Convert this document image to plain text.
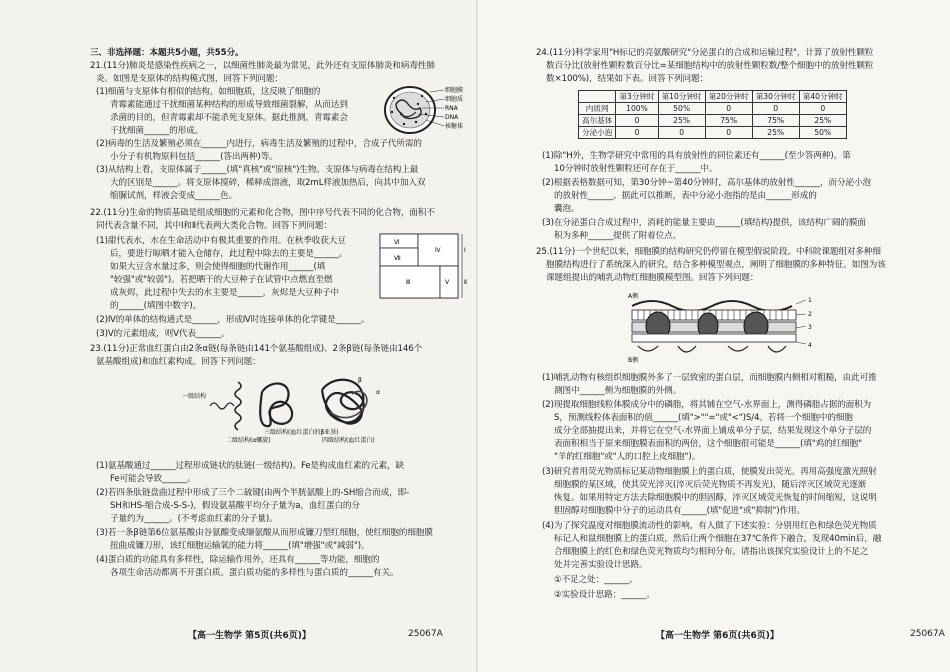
三、非选择题：本题共5小题，共55分。
21.(11分)肺炎是感染性疾病之一，以细菌性肺炎最为常见，此外还有支原体肺炎和病毒性肺
炎。如图是支原体的结构模式图，回答下列问题：
(1)细菌与支原体有相似的结构，如细胞质，这反映了细胞的
青霉素能通过干扰细菌某种结构的形成导致细菌裂解，从而达到
杀菌的目的，但青霉素却不能杀死支原体。据此推测，青霉素会
干扰细菌______的形成。
(2)病毒的生活及繁殖必须在______内进行，病毒生活及繁殖的过程中，合成子代所需的
小分子有机物原料包括______(答出两种)等。
(3)从结构上看，支原体属于______(填"真核"或"原核")生物。支原体与病毒在结构上最
大的区别是______。将支原体搅碎，稀释成溶液，取2mL样液加热后，向其中加入双
缩脲试剂，样液会变成______色。
细胞膜
细胞质
RNA
DNA
核糖体
22.(11分)生命的物质基础是组成细胞的元素和化合物，图中序号代表不同的化合物，面积不
同代表含量不同，其中Ⅰ和Ⅱ代表两大类化合物。回答下列问题：
(1)甜代表水，水在生命活动中有极其重要的作用。在秋季收获大豆
后，要进行晾晒才能入仓储存，此过程中除去的主要是______。
如果大豆含水量过多，则会使得细胞的代谢作用______(填
"较强"或"较弱")。若把晒干的大豆种子在试管中点燃直至燃
成灰烬，此过程中失去的水主要是______，灰烬是大豆种子中
的______(填图中数字)。
(2)Ⅳ的单体的结构通式是______，形成Ⅳ时连接单体的化学键是______。
(3)Ⅴ的元素组成，则Ⅴ代表______。
Ⅵ
Ⅳ
Ⅶ
Ⅲ	Ⅴ
Ⅰ
Ⅱ
23.(11分)正常血红蛋白由2条α链(每条链由141个氨基酸组成)、2条β链(每条链由146个
氨基酸组成)和血红素构成。回答下列问题：
(1)氨基酸通过______过程形成链状的肽链(一级结构)。Fe是构成血红素的元素，缺
Fe可能会导致______。
(2)若四条肽链盘曲过程中形成了三个二硫键(由两个半胱氨酸上的-SH缩合而成，即-
SH和HS-缩合成-S-S-)，假设氨基酸平均分子量为a，血红蛋白的分
子量约为______。(不考虑血红素的分子量)。
(3)若一条β链第6位氨基酸由谷氨酸变成缬氨酸从而形成镰刀型红细胞，使红细胞的细胞膜
扭曲成镰刀形，该红细胞运输氧的能力将______(填"增强"或"减弱")。
(4)蛋白质的功能具有多样性，除运输作用外，还具有______等功能，细胞的
各项生命活动都离不开蛋白质。蛋白质功能的多样性与蛋白质的______有关。
一级结构
二级结构(α螺旋)
三级结构(血红蛋白的β亚基)
β
α
四级结构(血红蛋白)
【高一生物学 第5页(共6页)】	25067A
24.(11分)科学家用"H标记的亮氨酸研究"分泌蛋白的合成和运输过程"，计算了放射性颗粒
数百分比(放射性颗粒数百分比=某细胞结构中的放射性颗粒数/整个细胞中的放射性颗粒
数×100%)，结果如下表。回答下列问题：
	第3分钟时	第10分钟时	第20分钟时	第30分钟时	第40分钟时
内质网	100%	50%	0	0	0
高尔基体	0	25%	75%	75%	25%
分泌小泡	0	0	0	25%	50%
(1)除"H外，生物学研究中常用的具有放射性的同位素还有______(至少答两种)。第
10分钟时放射性颗粒还可存在于______中。
(2)根据表格数据可知，第30分钟~第40分钟时，高尔基体的放射性______，而分泌小泡
的放射性______。据此可以推断，表中分泌小泡指的是由______形成的
囊泡。
(3)在分泌蛋白合成过程中，消耗的能量主要由______(填结构)提供，该结构广阔的膜面
积为多种______提供了附着位点。
25.(11分)一个世纪以来，细胞膜的结构研究仍停留在模型假说阶段。中科院课题组对多种细
胞膜结构进行了系统深入的研究，结合多种模型观点，阐明了细胞膜的多种特征。如图为该
课题组提出的哺乳动物红细胞膜模型图。回答下列问题：
A侧
B侧
1
2
3
4
(1)哺乳动物有核组织细胞膜外多了一层致密的蛋白层，而细胞膜内侧相对粗糙，由此可推
测图中______侧为细胞膜的外侧。
(2)现提取细胞线粒体膜成分中的磷脂，将其铺在空气-水界面上，测得磷脂占据的面积为
S，预测线粒体表面积的值______(填">""="或"<")S/4。若将一个细胞中的细胞
成分全部抽提出来，并将它在空气-水界面上铺成单分子层，结果发现这个单分子层的
表面积相当于原来细胞膜表面积的两倍，这个细胞很可能是______(填"鸡的红细胞"
"羊的红细胞"或"人的口腔上皮细胞")。
(3)研究者用荧光物质标记某动物细胞膜上的蛋白质，使膜发出荧光。再用高强度激光照射
细胞膜的某区域，使其荧光淬灭(淬灭后荧光物质不再发光)，随后淬灭区域荧光逐渐
恢复。如果用特定方法去除细胞膜中的胆固醇，淬灭区域荧光恢复的时间缩短，这说明
胆固醇对细胞膜中分子的运动具有______(填"促进"或"抑制")作用。
(4)为了探究温度对细胞膜流动性的影响，有人做了下述实验：分别用红色和绿色荧光物质
标记人和鼠细胞膜上的蛋白质，然后让两个细胞在37℃条件下融合，发现40min后，融
合细胞膜上的红色和绿色荧光物质均匀相间分布。请指出该探究实验设计上的不足之
处并完善实验设计思路。
①不足之处：______。
②实验设计思路：______。
【高一生物学 第6页(共6页)】	25067A
